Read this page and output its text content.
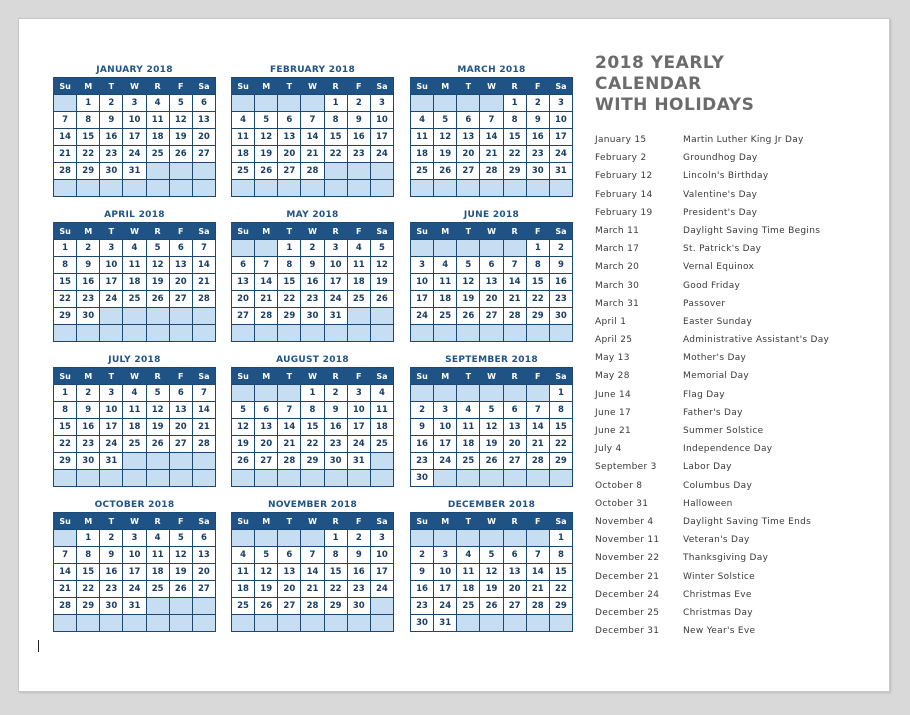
JANUARY 2018
Su	M	T	W	R	F	Sa
	1	2	3	4	5	6
7	8	9	10	11	12	13
14	15	16	17	18	19	20
21	22	23	24	25	26	27
28	29	30	31			

FEBRUARY 2018
Su	M	T	W	R	F	Sa
				1	2	3
4	5	6	7	8	9	10
11	12	13	14	15	16	17
18	19	20	21	22	23	24
25	26	27	28			

MARCH 2018
Su	M	T	W	R	F	Sa
				1	2	3
4	5	6	7	8	9	10
11	12	13	14	15	16	17
18	19	20	21	22	23	24
25	26	27	28	29	30	31

APRIL 2018
Su	M	T	W	R	F	Sa
1	2	3	4	5	6	7
8	9	10	11	12	13	14
15	16	17	18	19	20	21
22	23	24	25	26	27	28
29	30					

MAY 2018
Su	M	T	W	R	F	Sa
		1	2	3	4	5
6	7	8	9	10	11	12
13	14	15	16	17	18	19
20	21	22	23	24	25	26
27	28	29	30	31		

JUNE 2018
Su	M	T	W	R	F	Sa
					1	2
3	4	5	6	7	8	9
10	11	12	13	14	15	16
17	18	19	20	21	22	23
24	25	26	27	28	29	30

JULY 2018
Su	M	T	W	R	F	Sa
1	2	3	4	5	6	7
8	9	10	11	12	13	14
15	16	17	18	19	20	21
22	23	24	25	26	27	28
29	30	31				

AUGUST 2018
Su	M	T	W	R	F	Sa
			1	2	3	4
5	6	7	8	9	10	11
12	13	14	15	16	17	18
19	20	21	22	23	24	25
26	27	28	29	30	31	

SEPTEMBER 2018
Su	M	T	W	R	F	Sa
						1
2	3	4	5	6	7	8
9	10	11	12	13	14	15
16	17	18	19	20	21	22
23	24	25	26	27	28	29
30						
OCTOBER 2018
Su	M	T	W	R	F	Sa
	1	2	3	4	5	6
7	8	9	10	11	12	13
14	15	16	17	18	19	20
21	22	23	24	25	26	27
28	29	30	31			

NOVEMBER 2018
Su	M	T	W	R	F	Sa
				1	2	3
4	5	6	7	8	9	10
11	12	13	14	15	16	17
18	19	20	21	22	23	24
25	26	27	28	29	30	

DECEMBER 2018
Su	M	T	W	R	F	Sa
						1
2	3	4	5	6	7	8
9	10	11	12	13	14	15
16	17	18	19	20	21	22
23	24	25	26	27	28	29
30	31					
2018 YEARLY
CALENDAR
WITH HOLIDAYS
January 15	Martin Luther King Jr Day
February 2	Groundhog Day
February 12	Lincoln's Birthday
February 14	Valentine's Day
February 19	President's Day
March 11	Daylight Saving Time Begins
March 17	St. Patrick's Day
March 20	Vernal Equinox
March 30	Good Friday
March 31	Passover
April 1	Easter Sunday
April 25	Administrative Assistant's Day
May 13	Mother's Day
May 28	Memorial Day
June 14	Flag Day
June 17	Father's Day
June 21	Summer Solstice
July 4	Independence Day
September 3	Labor Day
October 8	Columbus Day
October 31	Halloween
November 4	Daylight Saving Time Ends
November 11	Veteran's Day
November 22	Thanksgiving Day
December 21	Winter Solstice
December 24	Christmas Eve
December 25	Christmas Day
December 31	New Year's Eve
